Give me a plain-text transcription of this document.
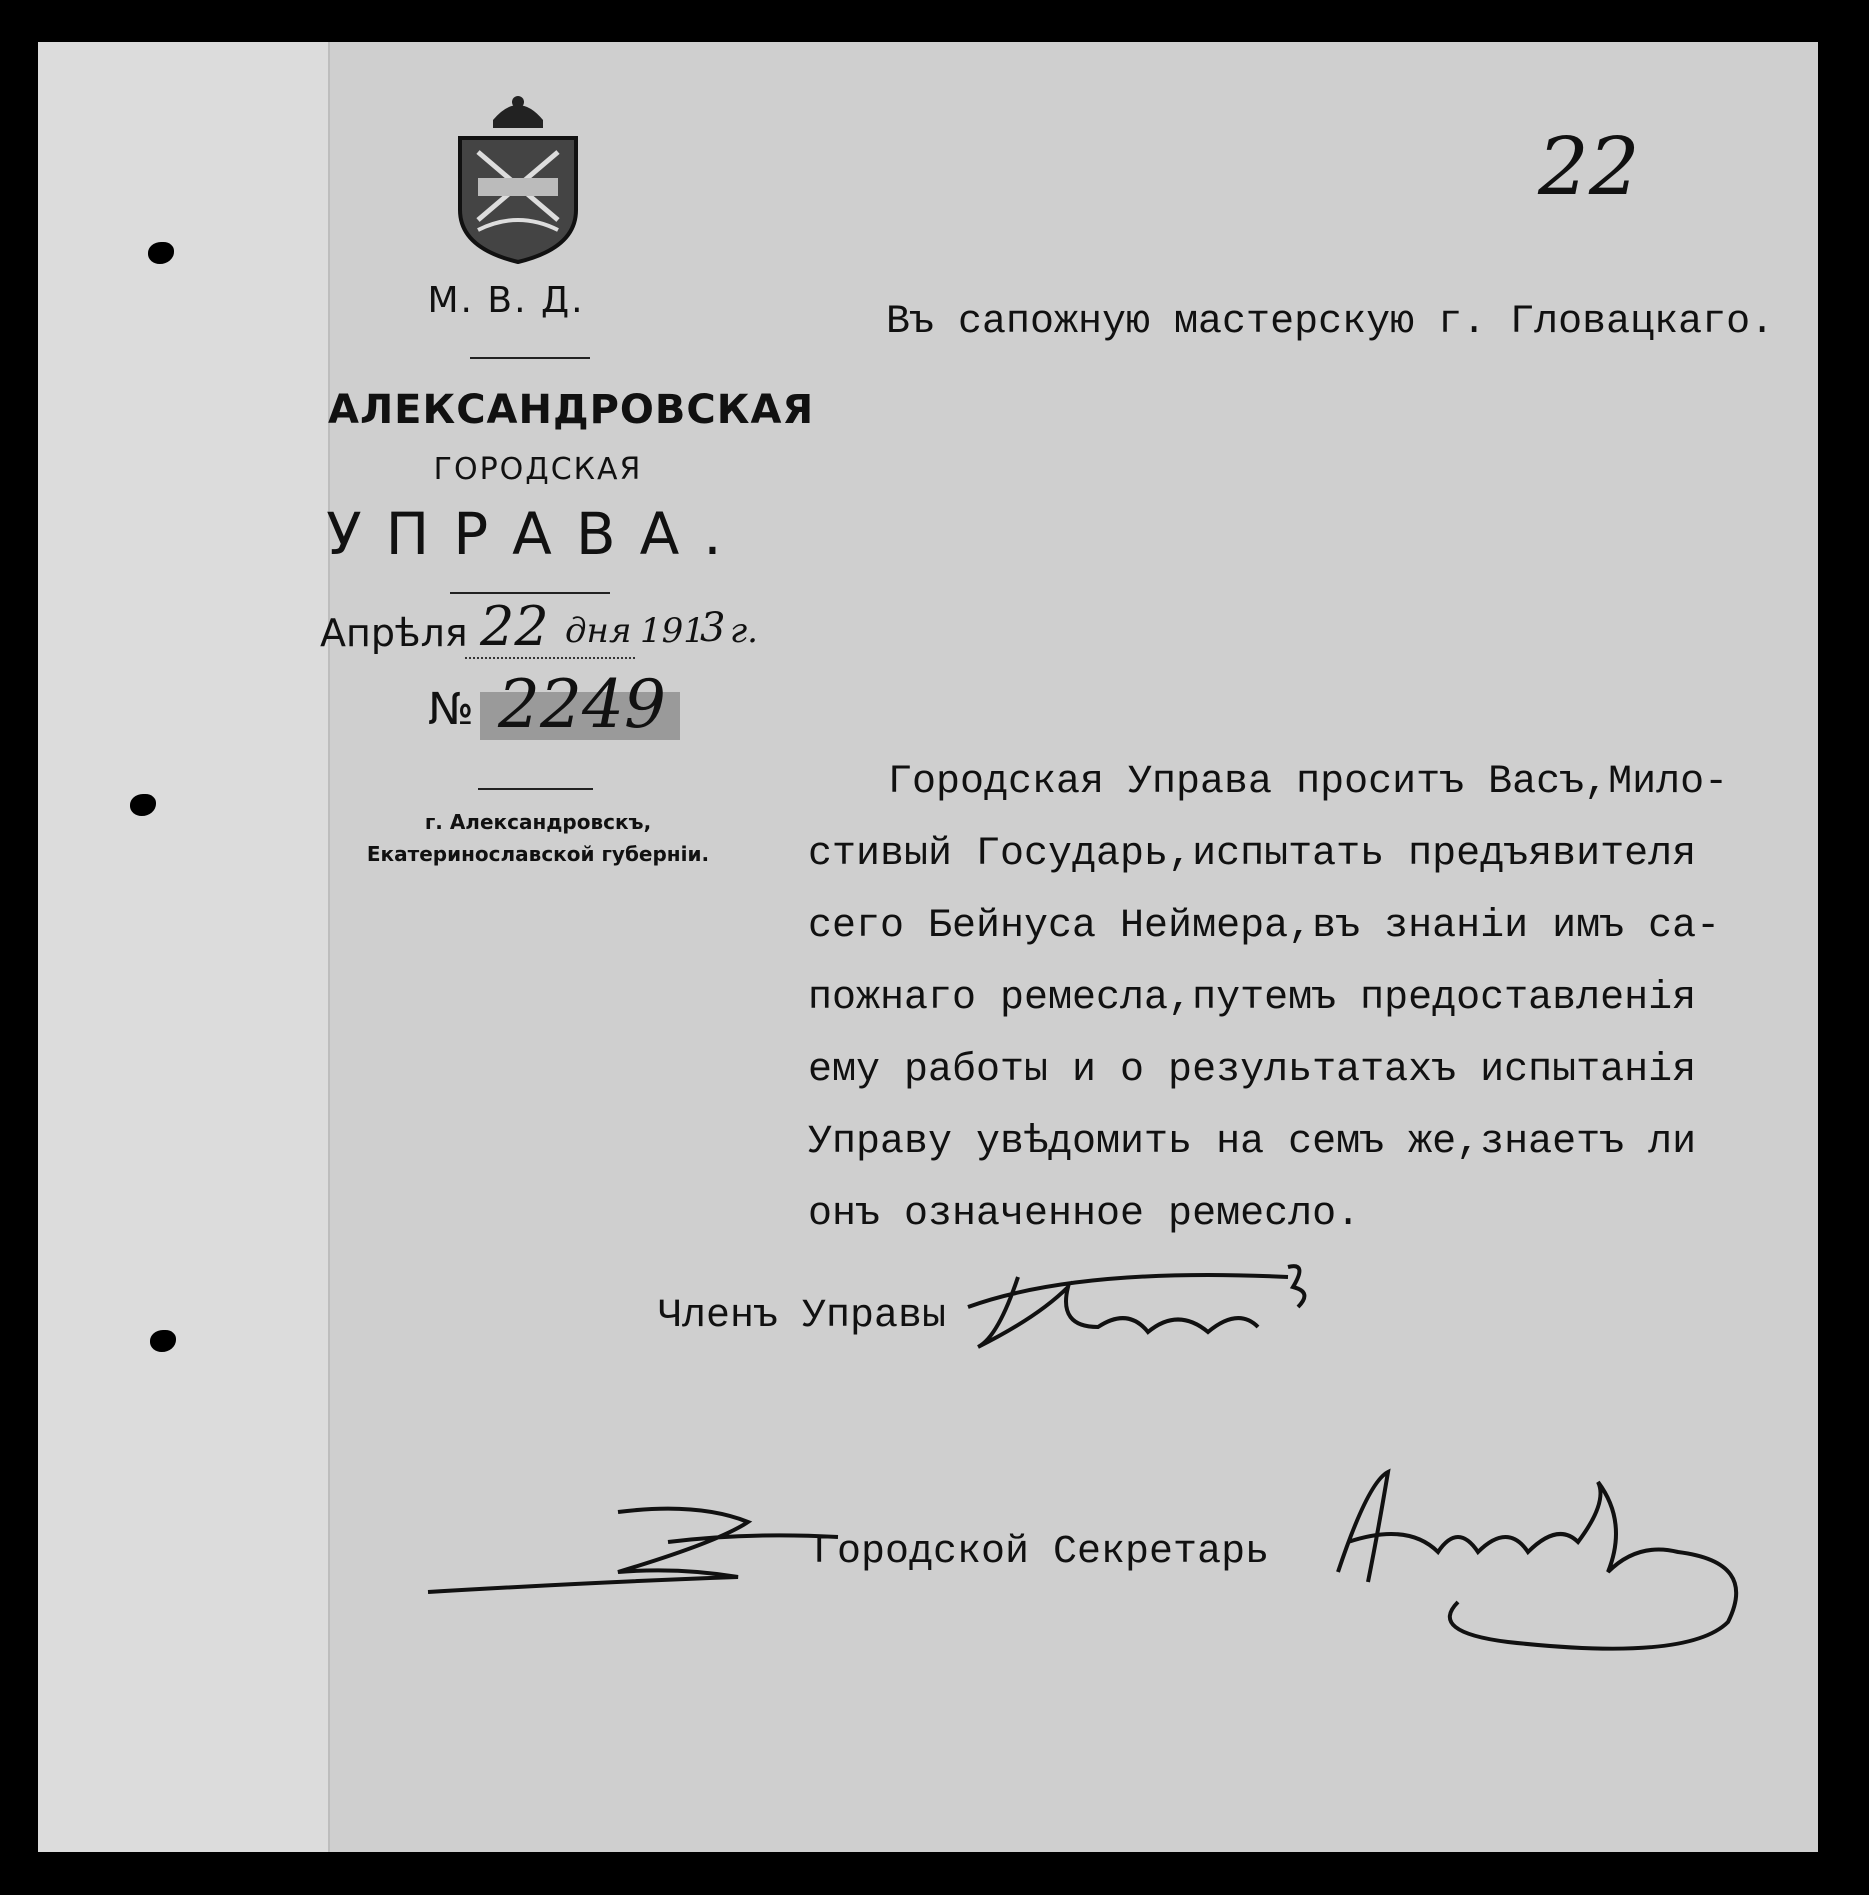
22
М. В. Д.
АЛЕКСАНДРОВСКАЯ
ГОРОДСКАЯ
УПРАВА.
Апрѣля 22 дня 191
3 г.
№ 2249
г. Александровскъ,
Екатеринославской губерніи.
Въ сапожную мастерскую г. Гловацкаго.
Городская Управа проситъ Васъ,Мило-
стивый Государь,испытать предъявителя
сего Бейнуса Неймера,въ знаніи имъ са-
пожнаго ремесла,путемъ предоставленія
ему работы и о результатахъ испытанія
Управу увѣдомить на семъ же,знаетъ ли
онъ означенное ремесло.
Членъ Управы
Городской Секретарь
